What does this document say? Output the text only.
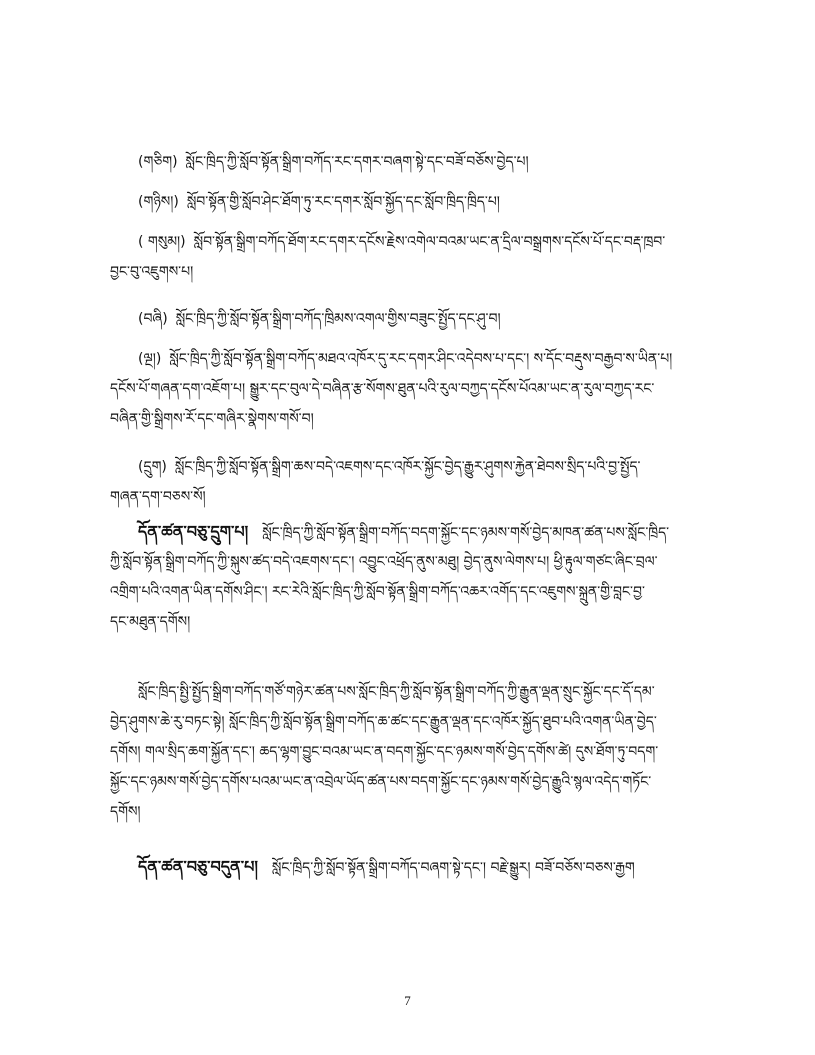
(གཅིག) སློང་ཁྲིད་ཀྱི་སློབ་སྟོན་སྒྲིག་བཀོད་རང་དགར་བཞག་སྟེ་དང་བཟོ་བཅོས་བྱེད་པ།
(གཉིས།) སློབ་སྟོན་གྱི་སློབ་ཤེང་ཐོག་ཏུ་རང་དགར་སློབ་སྐྱོད་དང་སློབ་ཁྲིད་ཁྲིད་པ།
( གསུམ།) སློབ་སྟོན་སྒྲིག་བཀོད་ཐོག་རང་དགར་དངོས་རྗེས་འགེལ་བའམ་ཡང་ན་དྲིལ་བསྒྲགས་དངོས་པོ་དང་བརྡ་ཁྲབ་
བྱང་བུ་འཇུགས་པ།
(བཞི) སློང་ཁྲིད་ཀྱི་སློབ་སྟོན་སྒྲིག་བཀོད་ཁྲིམས་འགལ་གྱིས་བཟུང་སྤྱོད་དང་ཤུ་བ།
(ལྔ།) སློང་ཁྲིད་ཀྱི་སློབ་སྟོན་སྒྲིག་བཀོད་མཐའ་འཁོར་དུ་རང་དགར་ཤིང་འདེབས་པ་དང་། ས་དོང་བརྡུས་བརྒྱབ་ས་ཡིན་པ།
དངོས་པོ་གཞན་དག་འཇོག་པ། སྒྱུར་དང་བུལ་དེ་བཞིན་རྩ་སོགས་ཐུན་པའི་རུལ་བཀྱད་དངོས་པོའམ་ཡང་ན་རུལ་བཀྱད་རང་
བཞིན་གྱི་སྒྲིགས་རོ་དང་གཞིར་སྣེགས་གསོ་བ།
(དྲུག) སློང་ཁྲིད་ཀྱི་སློབ་སྟོན་སྒྲིག་ཆས་བདེ་འཇགས་དང་འཁོར་སྐྱོང་བྱེད་རྒྱུར་ཤུགས་རྐྱེན་ཐེབས་སྲིད་པའི་བྱ་སྤྱོད་
གཞན་དག་བཅས་སོ།
དོན་ཚན་བཅུ་དྲུག་པ། སློང་ཁྲིད་ཀྱི་སློབ་སྟོན་སྒྲིག་བཀོད་བདག་སྐྱོང་དང་ཉམས་གསོ་བྱེད་མཁན་ཚན་པས་སློང་ཁྲིད་
ཀྱི་སློབ་སྟོན་སྒྲིག་བཀོད་ཀྱི་སྐུས་ཚད་བདེ་འཇགས་དང་། འབྱུང་འཕྲོད་ནུས་མཐུ། བྱེད་ནུས་ལེགས་པ། ཕྱི་རྟུལ་གཙང་ཞིང་བྲལ་
འགྲིག་པའི་འགན་ཡིན་དགོས་ཤིང་། རང་རེའི་སློང་ཁྲིད་ཀྱི་སློབ་སྟོན་སྒྲིག་བཀོད་འཆར་འགོད་དང་འཇུགས་སྐྲུན་གྱི་བླང་བྱ་
དང་མཐུན་དགོས།
སློང་ཁྲིད་སྤྱི་སྤྱོད་སྒྲིག་བཀོད་གཙོ་གཉེར་ཚན་པས་སློང་ཁྲིད་ཀྱི་སློབ་སྟོན་སྒྲིག་བཀོད་ཀྱི་རྒྱུན་ལྡན་སྲུང་སྐྱོང་དང་དོ་དམ་
བྱེད་ཤུགས་ཆེ་རུ་བཏང་སྟེ། སློང་ཁྲིད་ཀྱི་སློབ་སྟོན་སྒྲིག་བཀོད་ཆ་ཚང་དང་རྒྱུན་ལྡན་དང་འཁོར་སྐྱོད་ཐུབ་པའི་འགན་ཡིན་བྱེད་
དགོས། གལ་སྲིད་ཆག་སྐྱོན་དང་། ཆད་ལྷག་བྱུང་བའམ་ཡང་ན་བདག་སྐྱོང་དང་ཉམས་གསོ་བྱེད་དགོས་ཚེ། དུས་ཐོག་ཏུ་བདག་
སྐྱོང་དང་ཉམས་གསོ་བྱེད་དགོས་པའམ་ཡང་ན་འབྲེལ་ཡོད་ཚན་པས་བདག་སྐྱོང་དང་ཉམས་གསོ་བྱེད་རྒྱུའི་སྙལ་འདེད་གཏོང་
དགོས།
དོན་ཚན་བཅུ་བདུན་པ། སློང་ཁྲིད་ཀྱི་སློབ་སྟོན་སྒྲིག་བཀོད་བཞག་སྟེ་དང་། བརྗེ་སྒྱུར། བཟོ་བཅོས་བཅས་རྒྱག
7
